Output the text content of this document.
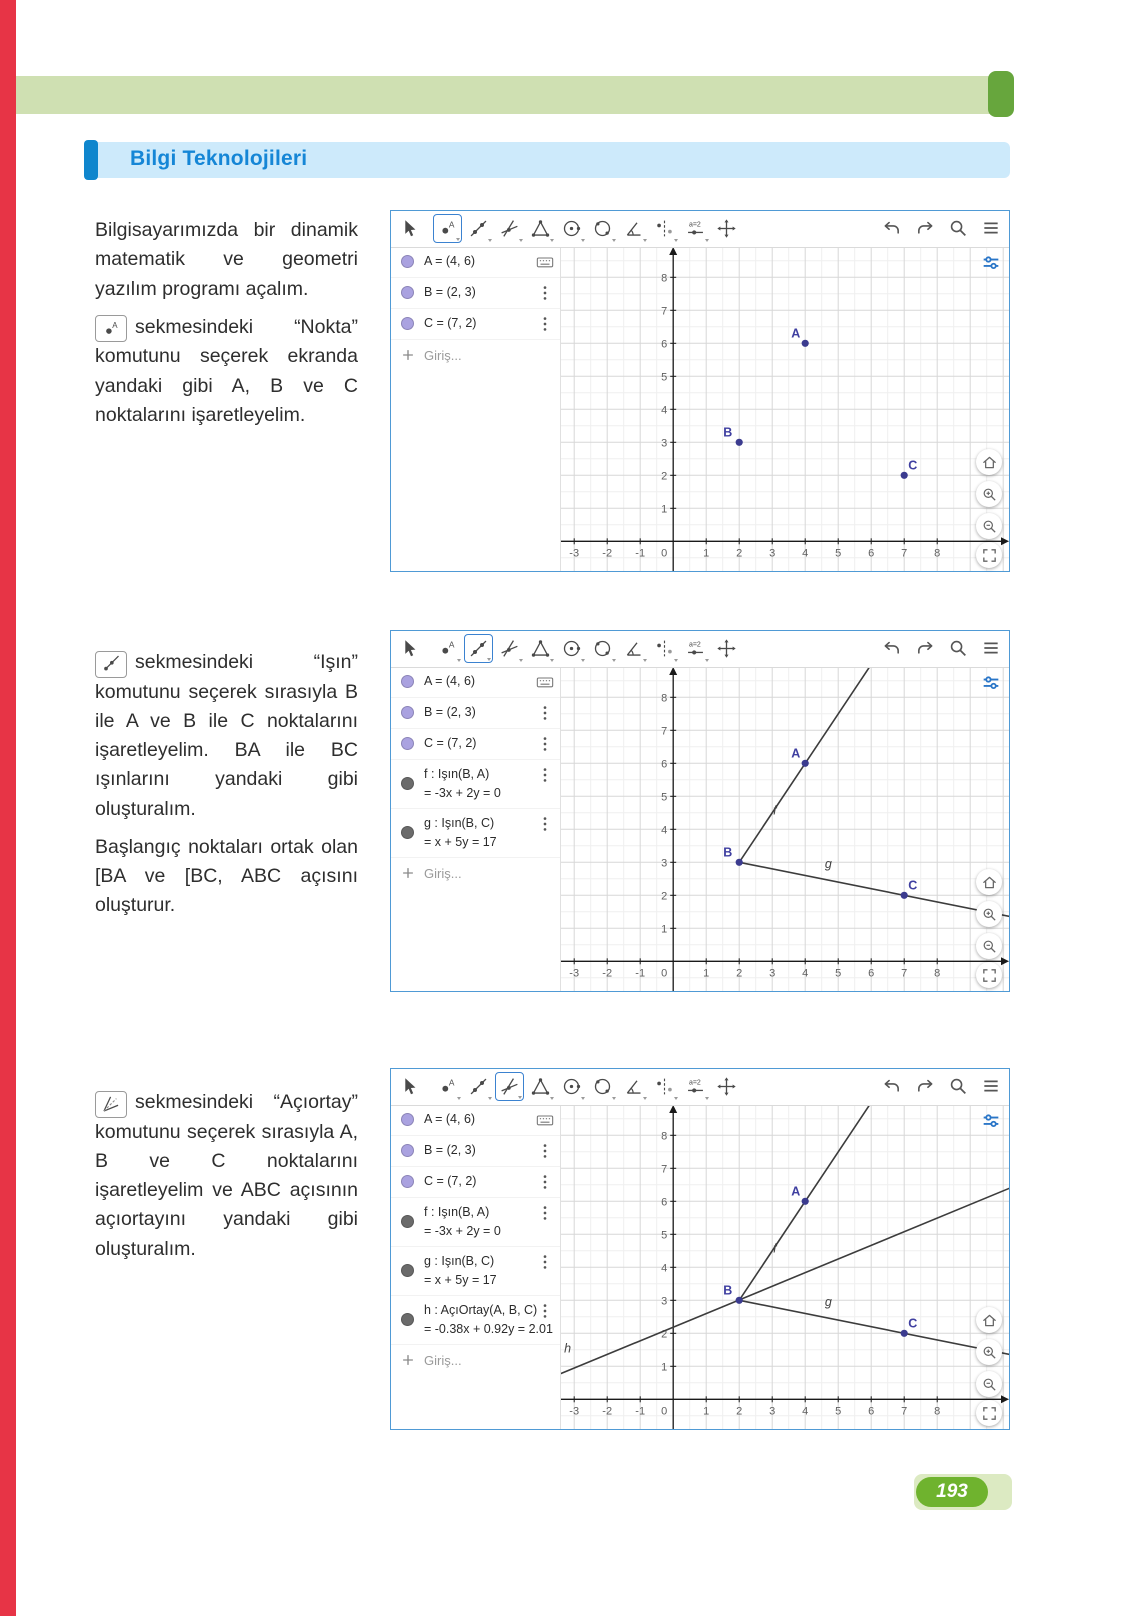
Bilgi Teknolojileri

Bilgisayarımızda bir dinamik matematik ve geometri yazılım programı açalım.

A sekmesindeki “Nokta” komutunu seçerek ekranda yandaki gibi A, B ve C noktalarını işaretleyelim.

A	a=2
A = (4, 6)
B = (2, 3)
C = (7, 2)
Giriş...
-3 -2 -1	1 2 3 4 5 6 7 8
1
2
3
4
5
6
7
8
0
A
B
C

sekmesindeki “Işın” komutunu seçerek sırasıyla B ile A ve B ile C noktalarını işaretleyelim. BA ile BC ışınlarını yandaki gibi oluşturalım.

Başlangıç noktaları ortak olan [BA ve [BC, ABC açısını oluşturur.

A	a=2
A = (4, 6)
B = (2, 3)
C = (7, 2)
f : Işın(B, A)
= -3x + 2y = 0
g : Işın(B, C)
= x + 5y = 17
Giriş...
-3 -2 -1	1 2 3 4 5 6 7 8
1
2
3
4
5
6
7
8
0
f
g
A
B
C

sekmesindeki “Açıortay” komutunu seçerek sırasıyla A, B ve C noktalarını işaretleyelim ve ABC açısının açıortayını yandaki gibi oluşturalım.

A	a=2
A = (4, 6)
B = (2, 3)
C = (7, 2)
f : Işın(B, A)
= -3x + 2y = 0
g : Işın(B, C)
= x + 5y = 17
h : AçıOrtay(A, B, C)
= -0.38x + 0.92y = 2.01
Giriş...
-3 -2 -1	1 2 3 4 5 6 7 8
1
2
3
4
5
6
7
8
0
f
g
h
A
B
C
193
